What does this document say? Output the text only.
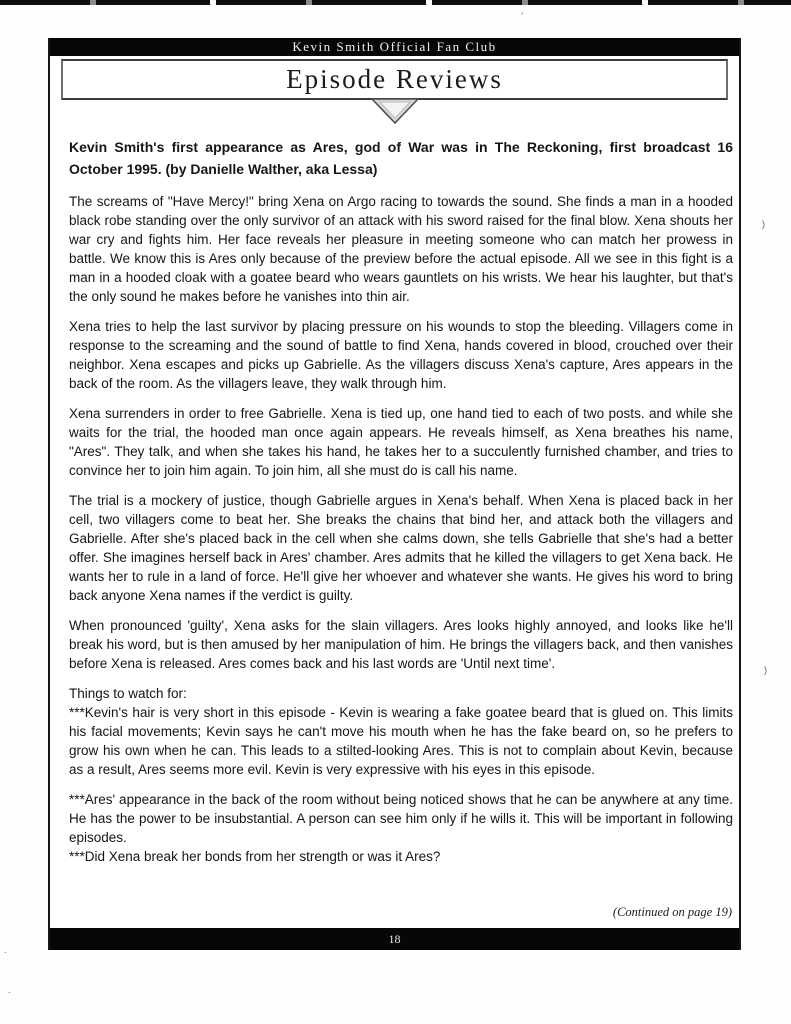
’
)
)
.
.
Kevin Smith Official Fan Club
Episode Reviews

Kevin Smith's first appearance as Ares, god of War was in The Reckoning, first broadcast 16 October 1995. (by Danielle Walther, aka Lessa)

The screams of "Have Mercy!" bring Xena on Argo racing to towards the sound. She finds a man in a hooded black robe standing over the only survivor of an attack with his sword raised for the final blow. Xena shouts her war cry and fights him. Her face reveals her pleasure in meeting someone who can match her prowess in battle. We know this is Ares only because of the preview before the actual episode. All we see in this fight is a man in a hooded cloak with a goatee beard who wears gauntlets on his wrists. We hear his laughter, but that's the only sound he makes before he vanishes into thin air.

Xena tries to help the last survivor by placing pressure on his wounds to stop the bleeding. Villagers come in response to the screaming and the sound of battle to find Xena, hands covered in blood, crouched over their neighbor. Xena escapes and picks up Gabrielle. As the villagers discuss Xena's capture, Ares appears in the back of the room. As the villagers leave, they walk through him.

Xena surrenders in order to free Gabrielle. Xena is tied up, one hand tied to each of two posts. and while she waits for the trial, the hooded man once again appears. He reveals himself, as Xena breathes his name, "Ares". They talk, and when she takes his hand, he takes her to a succulently furnished chamber, and tries to convince her to join him again. To join him, all she must do is call his name.

The trial is a mockery of justice, though Gabrielle argues in Xena's behalf. When Xena is placed back in her cell, two villagers come to beat her. She breaks the chains that bind her, and attack both the villagers and Gabrielle. After she's placed back in the cell when she calms down, she tells Gabrielle that she's had a better offer. She imagines herself back in Ares' chamber. Ares admits that he killed the villagers to get Xena back. He wants her to rule in a land of force. He'll give her whoever and whatever she wants. He gives his word to bring back anyone Xena names if the verdict is guilty.

When pronounced 'guilty', Xena asks for the slain villagers. Ares looks highly annoyed, and looks like he'll break his word, but is then amused by her manipulation of him. He brings the villagers back, and then vanishes before Xena is released. Ares comes back and his last words are 'Until next time'.

Things to watch for:

***Kevin's hair is very short in this episode - Kevin is wearing a fake goatee beard that is glued on. This limits his facial movements; Kevin says he can't move his mouth when he has the fake beard on, so he prefers to grow his own when he can. This leads to a stilted-looking Ares. This is not to complain about Kevin, because as a result, Ares seems more evil. Kevin is very expressive with his eyes in this episode.

***Ares' appearance in the back of the room without being noticed shows that he can be anywhere at any time. He has the power to be insubstantial. A person can see him only if he wills it. This will be important in following episodes.

***Did Xena break her bonds from her strength or was it Ares?

(Continued on page 19)
18
